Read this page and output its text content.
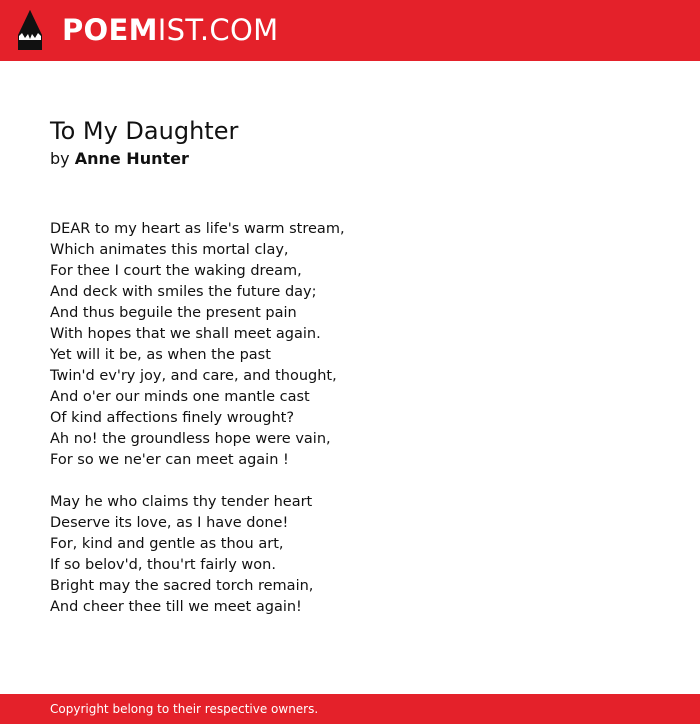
POEMIST.COM
To My Daughter
by Anne Hunter
DEAR to my heart as life's warm stream,
Which animates this mortal clay,
For thee I court the waking dream,
And deck with smiles the future day;
And thus beguile the present pain
With hopes that we shall meet again.
Yet will it be, as when the past
Twin'd ev'ry joy, and care, and thought,
And o'er our minds one mantle cast
Of kind affections finely wrought?
Ah no! the groundless hope were vain,
For so we ne'er can meet again !
May he who claims thy tender heart
Deserve its love, as I have done!
For, kind and gentle as thou art,
If so belov'd, thou'rt fairly won.
Bright may the sacred torch remain,
And cheer thee till we meet again!
Copyright belong to their respective owners.
